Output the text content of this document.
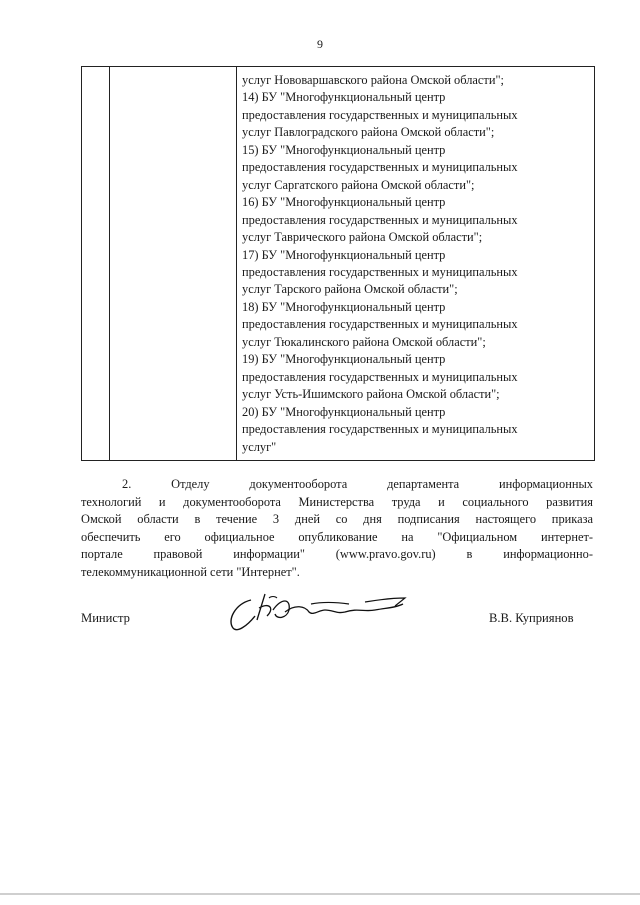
9

услуг Нововаршавского района Омской области";
14) БУ "Многофункциональный центр
предоставления государственных и муниципальных
услуг Павлоградского района Омской области";
15) БУ "Многофункциональный центр
предоставления государственных и муниципальных
услуг Саргатского района Омской области";
16) БУ "Многофункциональный центр
предоставления государственных и муниципальных
услуг Таврического района Омской области";
17) БУ "Многофункциональный центр
предоставления государственных и муниципальных
услуг Тарского района Омской области";
18) БУ "Многофункциональный центр
предоставления государственных и муниципальных
услуг Тюкалинского района Омской области";
19) БУ "Многофункциональный центр
предоставления государственных и муниципальных
услуг Усть-Ишимского района Омской области";
20) БУ "Многофункциональный центр
предоставления государственных и муниципальных
услуг"
2. Отделу документооборота департамента информационных
технологий и документооборота Министерства труда и социального развития
Омской области в течение 3 дней со дня подписания настоящего приказа
обеспечить его официальное опубликование на "Официальном интернет-
портале правовой информации" (www.pravo.gov.ru) в информационно-
телекоммуникационной сети "Интернет".
Министр	В.В. Куприянов
